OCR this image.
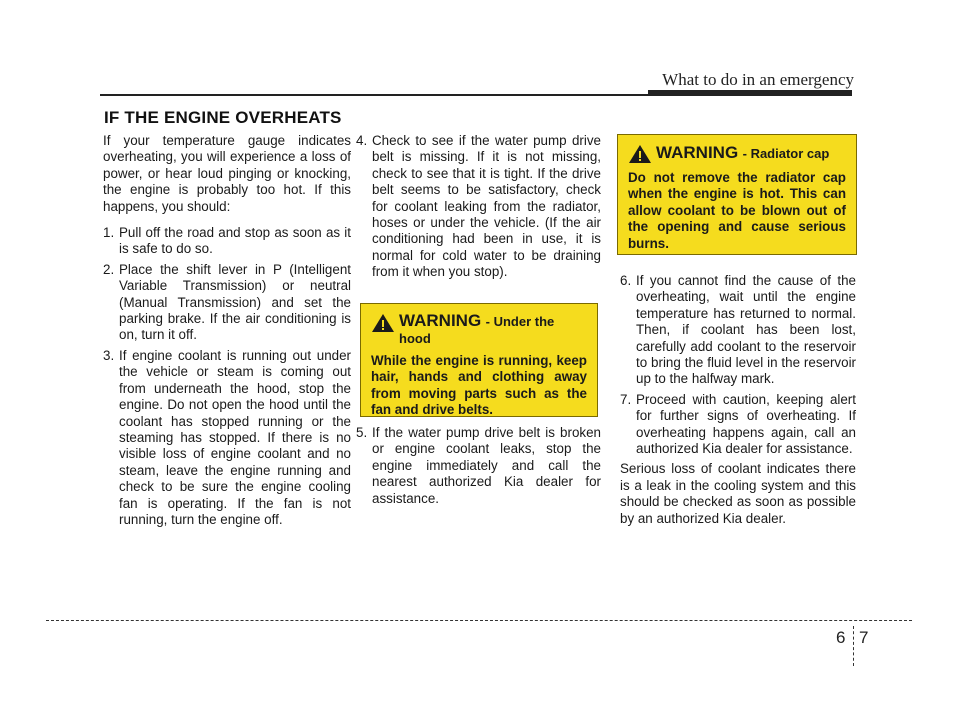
What to do in an emergency
IF THE ENGINE OVERHEATS

If your temperature gauge indicates overheating, you will experience a loss of power, or hear loud pinging or knocking, the engine is probably too hot. If this happens, you should:

1. Pull off the road and stop as soon as it is safe to do so.
2. Place the shift lever in P (Intelligent Variable Transmission) or neutral (Manual Transmission) and set the parking brake. If the air conditioning is on, turn it off.
3. If engine coolant is running out under the vehicle or steam is coming out from underneath the hood, stop the engine. Do not open the hood until the coolant has stopped running or the steaming has stopped. If there is no visible loss of engine coolant and no steam, leave the engine running and check to be sure the engine cooling fan is operating. If the fan is not running, turn the engine off.
4. Check to see if the water pump drive belt is missing. If it is not missing, check to see that it is tight. If the drive belt seems to be satisfactory, check for coolant leaking from the radiator, hoses or under the vehicle. (If the air conditioning had been in use, it is normal for cold water to be draining from it when you stop).
WARNING - Under the hood
While the engine is running, keep hair, hands and clothing away from moving parts such as the fan and drive belts.
5. If the water pump drive belt is broken or engine coolant leaks, stop the engine immediately and call the nearest authorized Kia dealer for assistance.
WARNING - Radiator cap
Do not remove the radiator cap when the engine is hot. This can allow coolant to be blown out of the opening and cause serious burns.
6. If you cannot find the cause of the overheating, wait until the engine temperature has returned to normal. Then, if coolant has been lost, carefully add coolant to the reservoir to bring the fluid level in the reservoir up to the halfway mark.
7. Proceed with caution, keeping alert for further signs of overheating. If overheating happens again, call an authorized Kia dealer for assistance.

Serious loss of coolant indicates there is a leak in the cooling system and this should be checked as soon as possible by an authorized Kia dealer.

6 7
